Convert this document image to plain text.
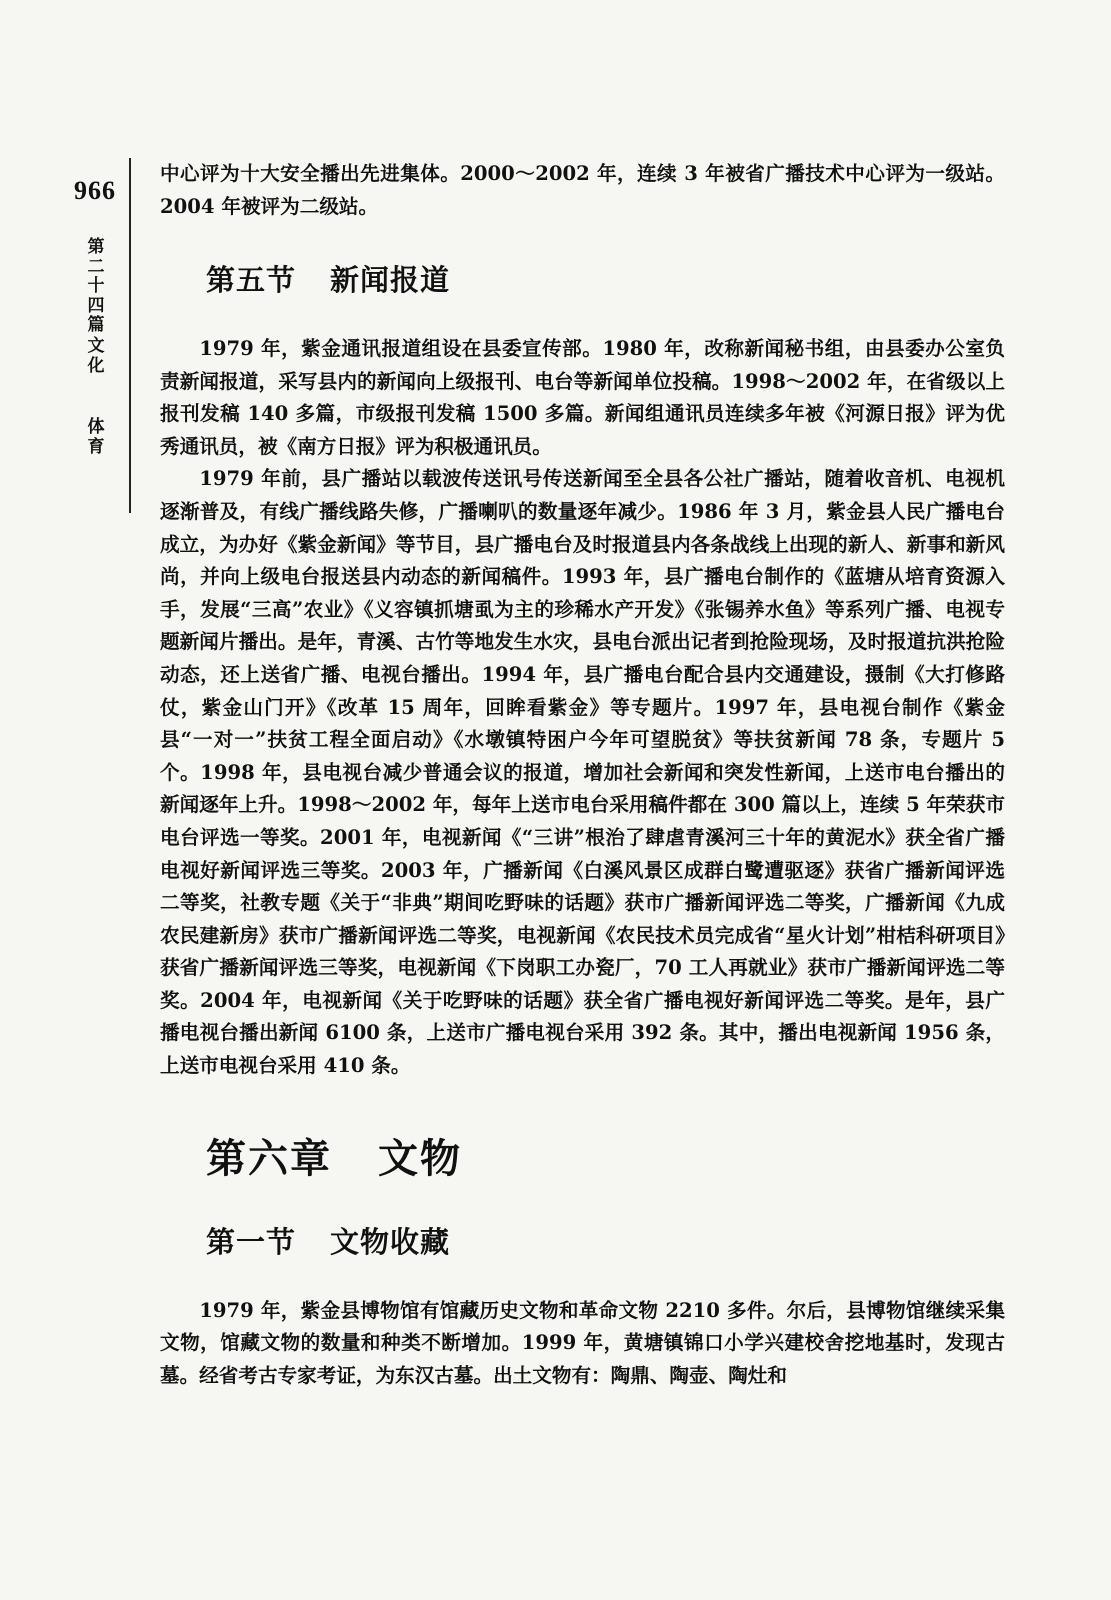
966
第
二
十
四
篇
文
化
体
育

中心评为十大安全播出先进集体。2000～2002 年，连续 3 年被省广播技术中心评为一级站。2004 年被评为二级站。

第五节 新闻报道

1979 年，紫金通讯报道组设在县委宣传部。1980 年，改称新闻秘书组，由县委办公室负责新闻报道，采写县内的新闻向上级报刊、电台等新闻单位投稿。1998～2002 年，在省级以上报刊发稿 140 多篇，市级报刊发稿 1500 多篇。新闻组通讯员连续多年被《河源日报》评为优秀通讯员，被《南方日报》评为积极通讯员。

1979 年前，县广播站以载波传送讯号传送新闻至全县各公社广播站，随着收音机、电视机逐渐普及，有线广播线路失修，广播喇叭的数量逐年减少。1986 年 3 月，紫金县人民广播电台成立，为办好《紫金新闻》等节目，县广播电台及时报道县内各条战线上出现的新人、新事和新风尚，并向上级电台报送县内动态的新闻稿件。1993 年，县广播电台制作的《蓝塘从培育资源入手，发展“三高”农业》《义容镇抓塘虱为主的珍稀水产开发》《张锡养水鱼》等系列广播、电视专题新闻片播出。是年，青溪、古竹等地发生水灾，县电台派出记者到抢险现场，及时报道抗洪抢险动态，还上送省广播、电视台播出。1994 年，县广播电台配合县内交通建设，摄制《大打修路仗，紫金山门开》《改革 15 周年，回眸看紫金》等专题片。1997 年，县电视台制作《紫金县“一对一”扶贫工程全面启动》《水墩镇特困户今年可望脱贫》等扶贫新闻 78 条，专题片 5 个。1998 年，县电视台减少普通会议的报道，增加社会新闻和突发性新闻，上送市电台播出的新闻逐年上升。1998～2002 年，每年上送市电台采用稿件都在 300 篇以上，连续 5 年荣获市电台评选一等奖。2001 年，电视新闻《“三讲”根治了肆虐青溪河三十年的黄泥水》获全省广播电视好新闻评选三等奖。2003 年，广播新闻《白溪风景区成群白鹭遭驱逐》获省广播新闻评选二等奖，社教专题《关于“非典”期间吃野味的话题》获市广播新闻评选二等奖，广播新闻《九成农民建新房》获市广播新闻评选二等奖，电视新闻《农民技术员完成省“星火计划”柑桔科研项目》获省广播新闻评选三等奖，电视新闻《下岗职工办瓷厂，70 工人再就业》获市广播新闻评选二等奖。2004 年，电视新闻《关于吃野味的话题》获全省广播电视好新闻评选二等奖。是年，县广播电视台播出新闻 6100 条，上送市广播电视台采用 392 条。其中，播出电视新闻 1956 条，上送市电视台采用 410 条。

第六章 文物
第一节 文物收藏

1979 年，紫金县博物馆有馆藏历史文物和革命文物 2210 多件。尔后，县博物馆继续采集文物，馆藏文物的数量和种类不断增加。1999 年，黄塘镇锦口小学兴建校舍挖地基时，发现古墓。经省考古专家考证，为东汉古墓。出土文物有：陶鼎、陶壶、陶灶和
